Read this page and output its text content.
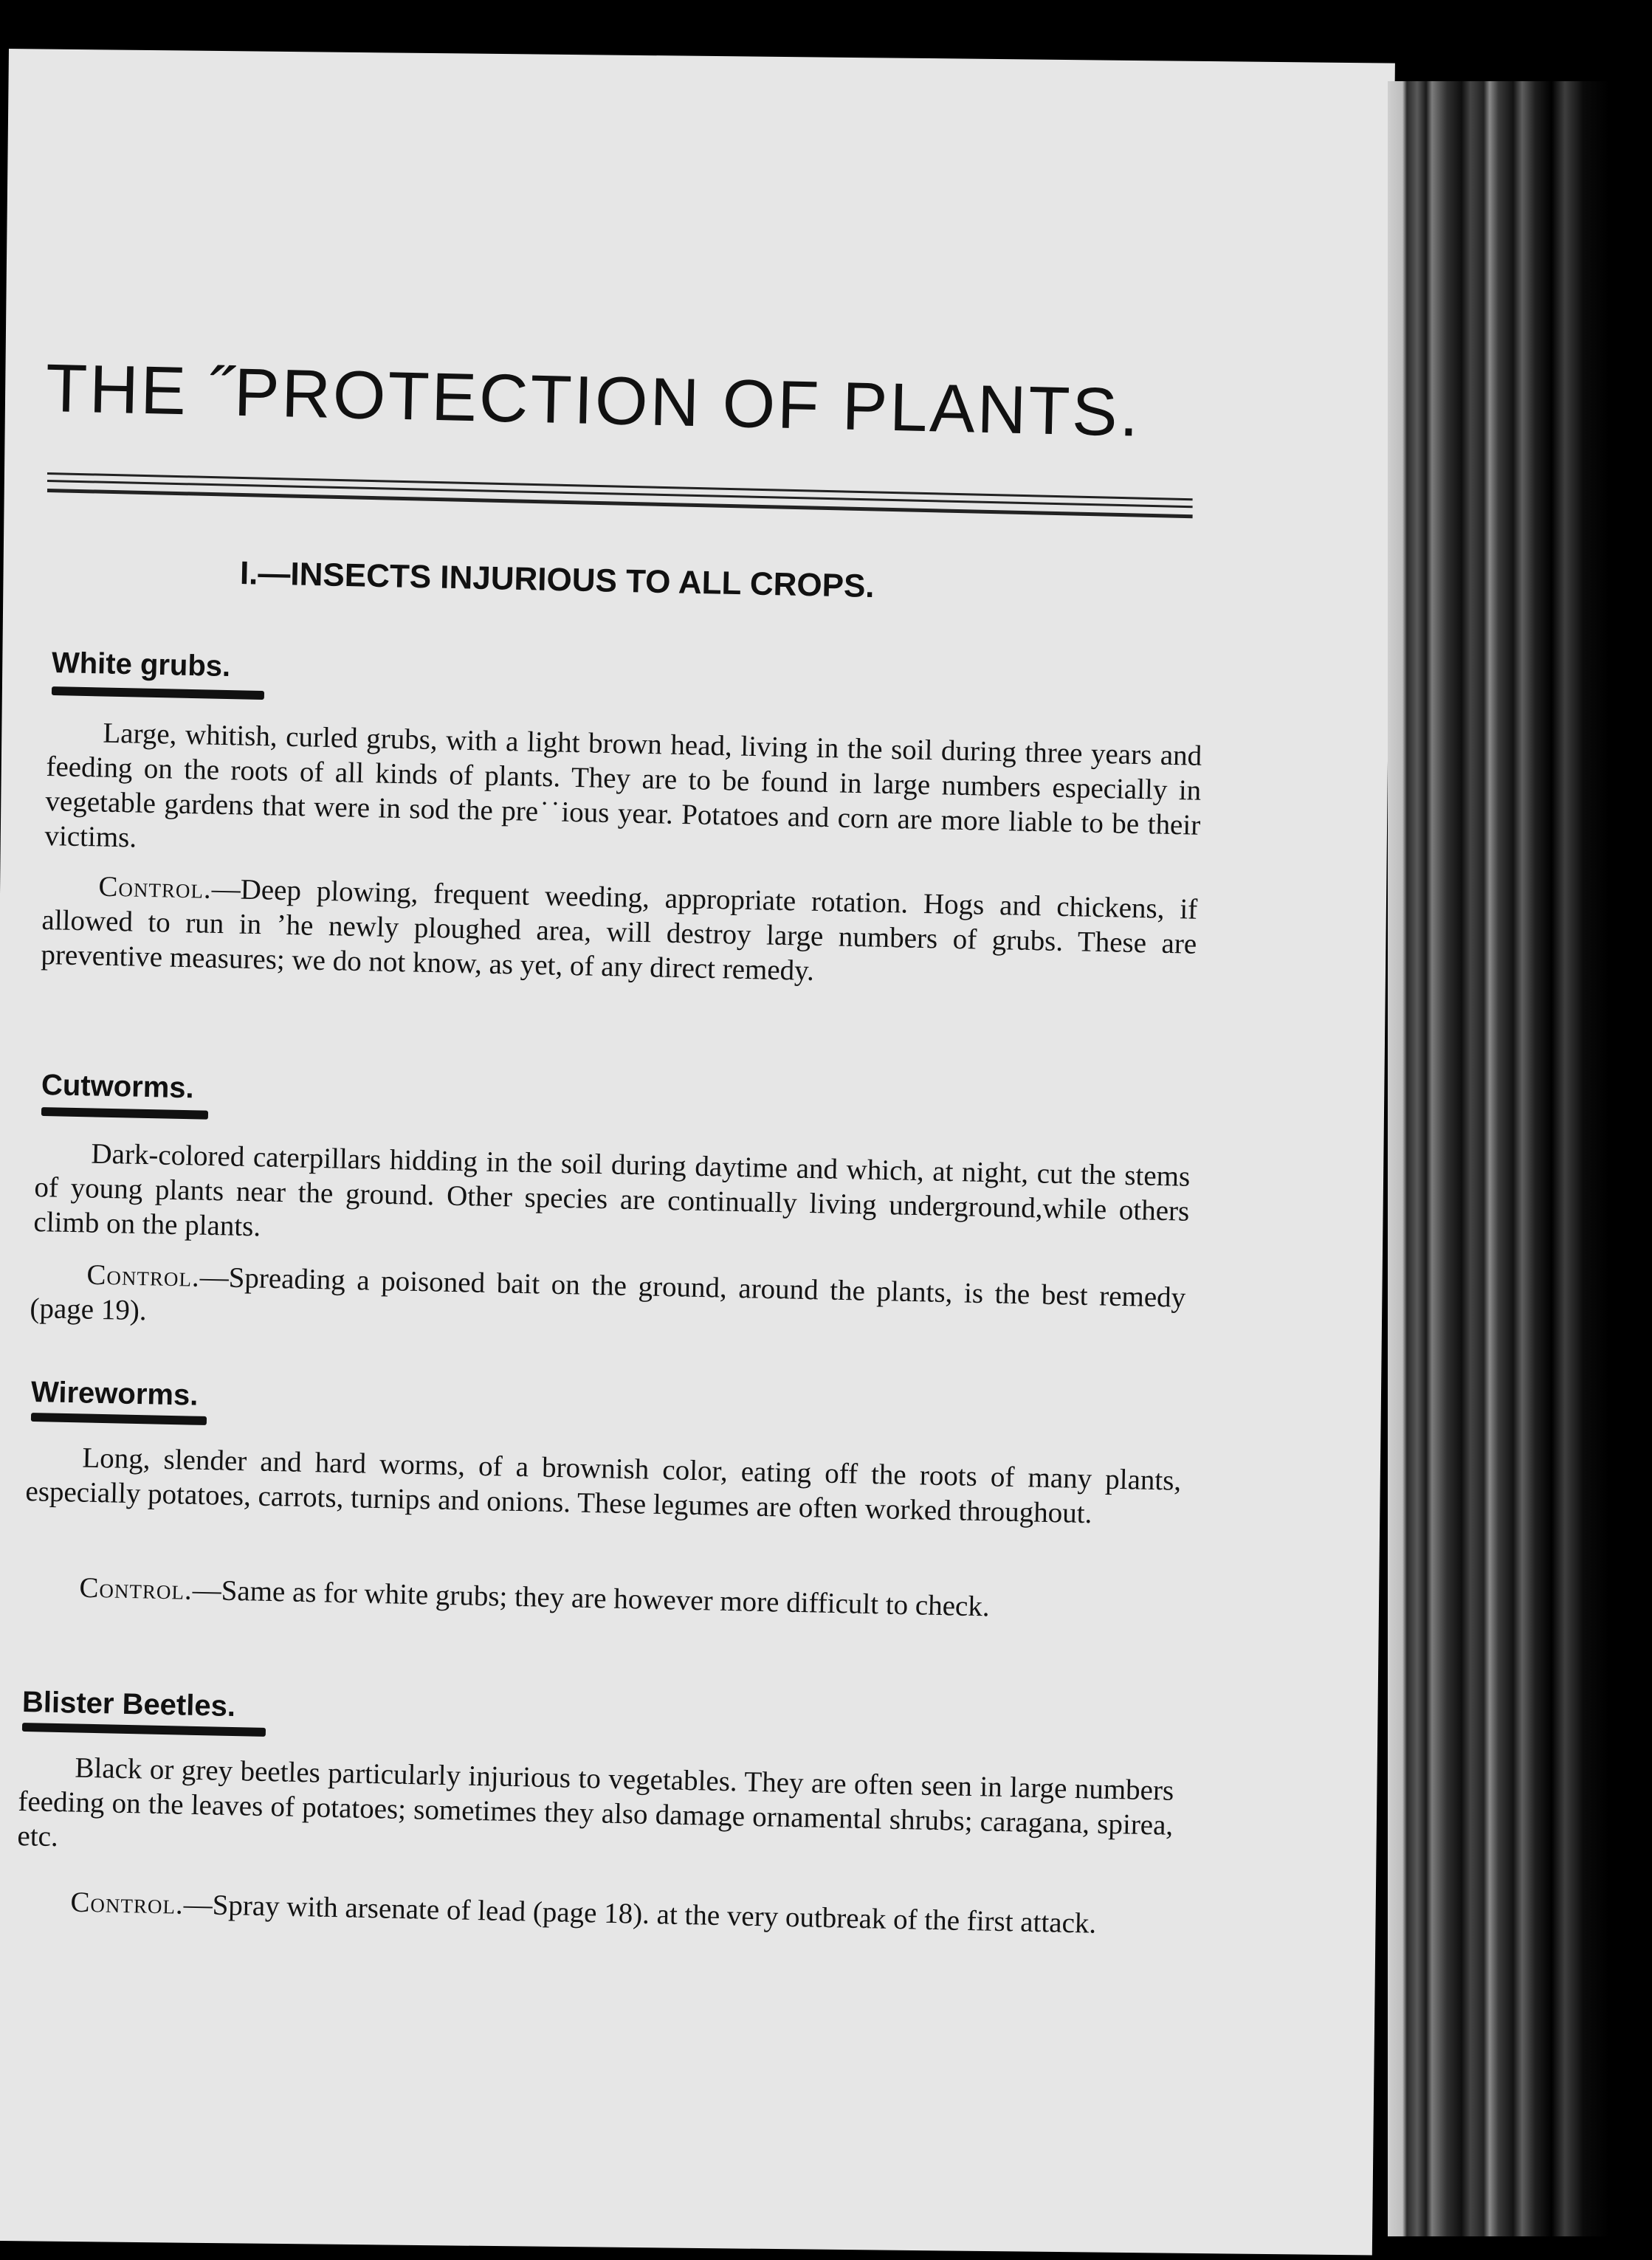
THE ˝PROTECTION OF PLANTS.
I.—INSECTS INJURIOUS TO ALL CROPS.
White grubs.
Large, whitish, curled grubs, with a light brown head, living in the soil during three years and feeding on the roots of all kinds of plants. They are to be found in large numbers especially in vegetable gardens that were in sod the pre˙˙ious year. Potatoes and corn are more liable to be their victims.
Control.—Deep plowing, frequent weeding, appropriate rotation. Hogs and chickens, if allowed to run in ’he newly ploughed area, will destroy large numbers of grubs. These are preventive measures; we do not know, as yet, of any direct remedy.
Cutworms.
Dark-colored caterpillars hidding in the soil during daytime and which, at night, cut the stems of young plants near the ground. Other species are continually living underground,while others climb on the plants.
Control.—Spreading a poisoned bait on the ground, around the plants, is the best remedy (page 19).
Wireworms.
Long, slender and hard worms, of a brownish color, eating off the roots of many plants, especially potatoes, carrots, turnips and onions. These legumes are often worked throughout.
Control.—Same as for white grubs; they are however more difficult to check.
Blister Beetles.
Black or grey beetles particularly injurious to vegetables. They are often seen in large numbers feeding on the leaves of potatoes; sometimes they also damage ornamental shrubs; caragana, spirea, etc.
Control.—Spray with arsenate of lead (page 18). at the very outbreak of the first attack.
